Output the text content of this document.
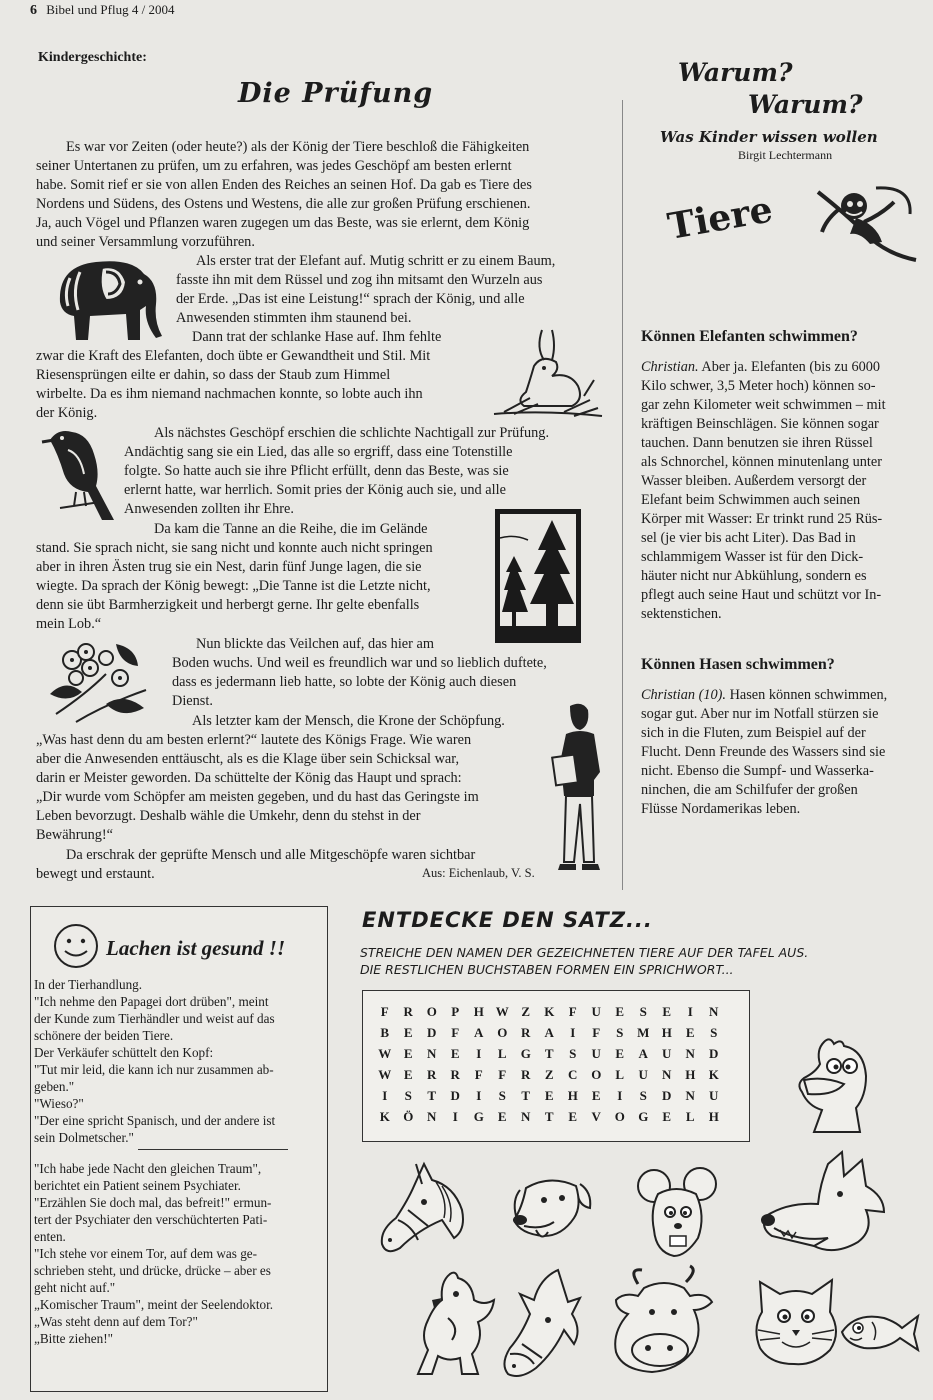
6 Bibel und Pflug 4 / 2004
Kindergeschichte:
Die Prüfung
Es war vor Zeiten (oder heute?) als der König der Tiere beschloß die Fähigkeiten
seiner Untertanen zu prüfen, um zu erfahren, was jedes Geschöpf am besten erlernt
habe. Somit rief er sie von allen Enden des Reiches an seinen Hof. Da gab es Tiere des
Nordens und Südens, des Ostens und Westens, die alle zur großen Prüfung erschienen.
Ja, auch Vögel und Pflanzen waren zugegen um das Beste, was sie erlernt, dem König
und seiner Versammlung vorzuführen.
Als erster trat der Elefant auf. Mutig schritt er zu einem Baum,
fasste ihn mit dem Rüssel und zog ihn mitsamt den Wurzeln aus
der Erde. „Das ist eine Leistung!“ sprach der König, und alle
Anwesenden stimmten ihm staunend bei.
Dann trat der schlanke Hase auf. Ihm fehlte
zwar die Kraft des Elefanten, doch übte er Gewandtheit und Stil. Mit
Riesensprüngen eilte er dahin, so dass der Staub zum Himmel
wirbelte. Da es ihm niemand nachmachen konnte, so lobte auch ihn
der König.
Als nächstes Geschöpf erschien die schlichte Nachtigall zur Prüfung.
Andächtig sang sie ein Lied, das alle so ergriff, dass eine Totenstille
folgte. So hatte auch sie ihre Pflicht erfüllt, denn das Beste, was sie
erlernt hatte, war herrlich. Somit pries der König auch sie, und alle
Anwesenden zollten ihr Ehre.
Da kam die Tanne an die Reihe, die im Gelände
stand. Sie sprach nicht, sie sang nicht und konnte auch nicht springen
aber in ihren Ästen trug sie ein Nest, darin fünf Junge lagen, die sie
wiegte. Da sprach der König bewegt: „Die Tanne ist die Letzte nicht,
denn sie übt Barmherzigkeit und herbergt gerne. Ihr gelte ebenfalls
mein Lob.“
Nun blickte das Veilchen auf, das hier am
Boden wuchs. Und weil es freundlich war und so lieblich duftete,
dass es jedermann lieb hatte, so lobte der König auch diesen
Dienst.
Als letzter kam der Mensch, die Krone der Schöpfung.
„Was hast denn du am besten erlernt?“ lautete des Königs Frage. Wie waren
aber die Anwesenden enttäuscht, als es die Klage über sein Schicksal war,
darin er Meister geworden. Da schüttelte der König das Haupt und sprach:
„Dir wurde vom Schöpfer am meisten gegeben, und du hast das Geringste im
Leben bevorzugt. Deshalb wähle die Umkehr, denn du stehst in der
Bewährung!“
Da erschrak der geprüfte Mensch und alle Mitgeschöpfe waren sichtbar
bewegt und erstaunt.	Aus: Eichenlaub, V. S.
Warum?
Warum?
Was Kinder wissen wollen
Birgit Lechtermann
Tiere
Können Elefanten schwimmen?
Christian. Aber ja. Elefanten (bis zu 6000
Kilo schwer, 3,5 Meter hoch) können so-
gar zehn Kilometer weit schwimmen – mit
kräftigen Beinschlägen. Sie können sogar
tauchen. Dann benutzen sie ihren Rüssel
als Schnorchel, können minutenlang unter
Wasser bleiben. Außerdem versorgt der
Elefant beim Schwimmen auch seinen
Körper mit Wasser: Er trinkt rund 25 Rüs-
sel (je vier bis acht Liter). Das Bad in
schlammigem Wasser ist für den Dick-
häuter nicht nur Abkühlung, sondern es
pflegt auch seine Haut und schützt vor In-
sektenstichen.
Können Hasen schwimmen?
Christian (10). Hasen können schwimmen,
sogar gut. Aber nur im Notfall stürzen sie
sich in die Fluten, zum Beispiel auf der
Flucht. Denn Freunde des Wassers sind sie
nicht. Ebenso die Sumpf- und Wasserka-
ninchen, die am Schilfufer der großen
Flüsse Nordamerikas leben.
Lachen ist gesund !!

In der Tierhandlung.

"Ich nehme den Papagei dort drüben", meint

der Kunde zum Tierhändler und weist auf das

schönere der beiden Tiere.

Der Verkäufer schüttelt den Kopf:

"Tut mir leid, die kann ich nur zusammen ab-

geben."

"Wieso?"

"Der eine spricht Spanisch, und der andere ist

sein Dolmetscher."

"Ich habe jede Nacht den gleichen Traum",

berichtet ein Patient seinem Psychiater.

"Erzählen Sie doch mal, das befreit!" ermun-

tert der Psychiater den verschüchterten Pati-

enten.

"Ich stehe vor einem Tor, auf dem was ge-

schrieben steht, und drücke, drücke – aber es

geht nicht auf."

„Komischer Traum", meint der Seelendoktor.

„Was steht denn auf dem Tor?"

„Bitte ziehen!"

ENTDECKE DEN SATZ...
STREICHE DEN NAMEN DER GEZEICHNETEN TIERE AUF DER TAFEL AUS.
DIE RESTLICHEN BUCHSTABEN FORMEN EIN SPRICHWORT...
F	R	O	P	H	W	Z	K	F	U	E	S	E	I	N
B	E	D	F	A	O	R	A	I	F	S	M	H	E	S
W	E	N	E	I	L	G	T	S	U	E	A	U	N	D
W	E	R	R	F	F	R	Z	C	O	L	U	N	H	K
I	S	T	D	I	S	T	E	H	E	I	S	D	N	U
K	Ö	N	I	G	E	N	T	E	V	O	G	E	L	H
